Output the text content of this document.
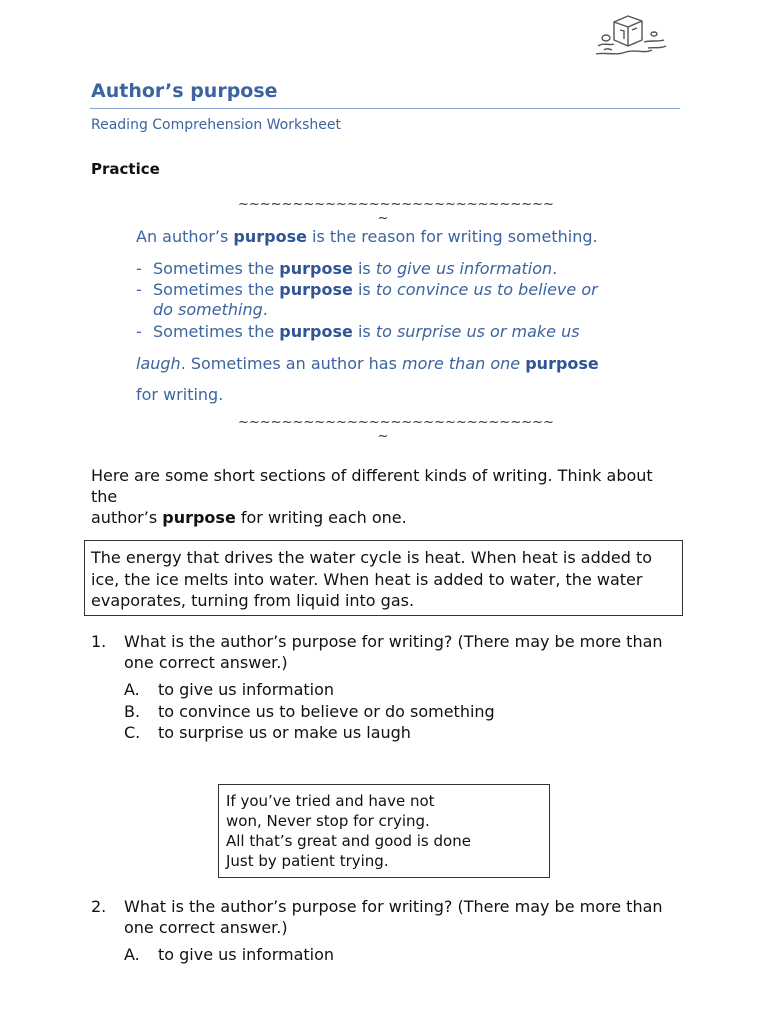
Author’s purpose
Reading Comprehension Worksheet
Practice
~~~~~~~~~~~~~~~~~~~~~~~~~~~~~
~
An author’s purpose is the reason for writing something.
- Sometimes the purpose is to give us information.
- Sometimes the purpose is to convince us to believe or do something.
- Sometimes the purpose is to surprise us or make us
laugh. Sometimes an author has more than one purpose
for writing.
~~~~~~~~~~~~~~~~~~~~~~~~~~~~~
~
Here are some short sections of different kinds of writing. Think about the
author’s purpose for writing each one.
The energy that drives the water cycle is heat. When heat is added to ice, the ice melts into water. When heat is added to water, the water evaporates, turning from liquid into gas.
1. What is the author’s purpose for writing? (There may be more than one correct answer.)
A. to give us information
B. to convince us to believe or do something
C. to surprise us or make us laugh
If you’ve tried and have not
won, Never stop for crying.
All that’s great and good is done
Just by patient trying.
2. What is the author’s purpose for writing? (There may be more than one correct answer.)
A. to give us information
